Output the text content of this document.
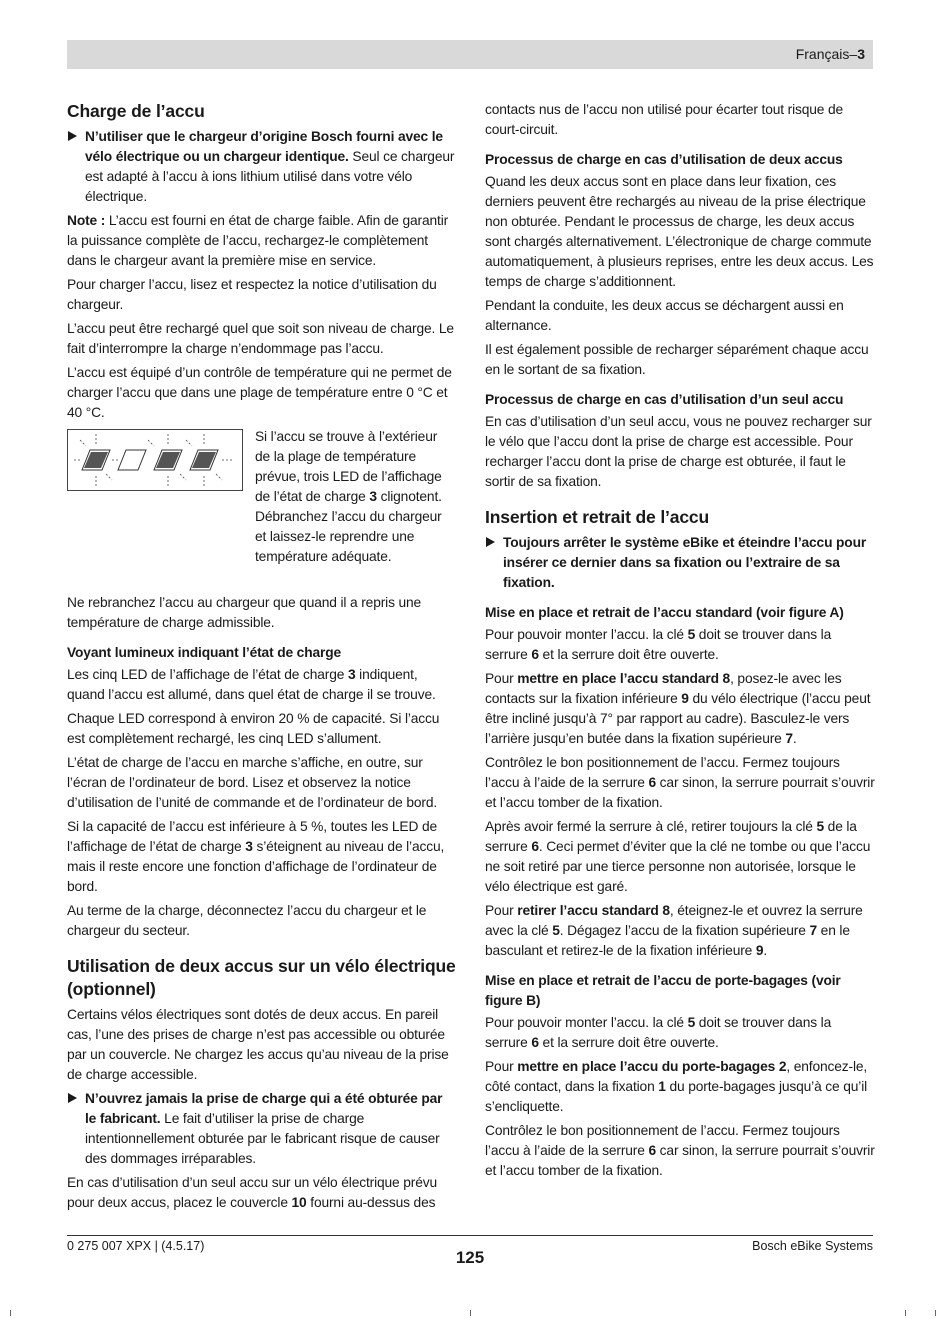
Français–3
Charge de l’accu
N’utiliser que le chargeur d’origine Bosch fourni avec le vélo électrique ou un chargeur identique. Seul ce chargeur est adapté à l’accu à ions lithium utilisé dans votre vélo électrique.

Note : L’accu est fourni en état de charge faible. Afin de garantir la puissance complète de l’accu, rechargez-le complètement dans le chargeur avant la première mise en service.

Pour charger l’accu, lisez et respectez la notice d’utilisation du chargeur.

L’accu peut être rechargé quel que soit son niveau de charge. Le fait d’interrompre la charge n’endommage pas l’accu.

L’accu est équipé d’un contrôle de température qui ne permet de charger l’accu que dans une plage de température entre 0 °C et 40 °C.

Si l’accu se trouve à l’extérieur de la plage de température prévue, trois LED de l’affichage de l’état de charge 3 clignotent. Débranchez l’accu du chargeur et laissez-le reprendre une température adéquate.

Ne rebranchez l’accu au chargeur que quand il a repris une température de charge admissible.

Voyant lumineux indiquant l’état de charge

Les cinq LED de l’affichage de l’état de charge 3 indiquent, quand l’accu est allumé, dans quel état de charge il se trouve.

Chaque LED correspond à environ 20 % de capacité. Si l’accu est complètement rechargé, les cinq LED s’allument.

L’état de charge de l’accu en marche s’affiche, en outre, sur l’écran de l’ordinateur de bord. Lisez et observez la notice d’utilisation de l’unité de commande et de l’ordinateur de bord.

Si la capacité de l’accu est inférieure à 5 %, toutes les LED de l’affichage de l’état de charge 3 s’éteignent au niveau de l’accu, mais il reste encore une fonction d’affichage de l’ordinateur de bord.

Au terme de la charge, déconnectez l’accu du chargeur et le chargeur du secteur.

Utilisation de deux accus sur un vélo électrique (optionnel)

Certains vélos électriques sont dotés de deux accus. En pareil cas, l’une des prises de charge n’est pas accessible ou obturée par un couvercle. Ne chargez les accus qu’au niveau de la prise de charge accessible.

N’ouvrez jamais la prise de charge qui a été obturée par le fabricant. Le fait d’utiliser la prise de charge intentionnellement obturée par le fabricant risque de causer des dommages irréparables.

En cas d’utilisation d’un seul accu sur un vélo électrique prévu pour deux accus, placez le couvercle 10 fourni au-dessus des

contacts nus de l’accu non utilisé pour écarter tout risque de court-circuit.

Processus de charge en cas d’utilisation de deux accus

Quand les deux accus sont en place dans leur fixation, ces derniers peuvent être rechargés au niveau de la prise électrique non obturée. Pendant le processus de charge, les deux accus sont chargés alternativement. L’électronique de charge commute automatiquement, à plusieurs reprises, entre les deux accus. Les temps de charge s’additionnent.

Pendant la conduite, les deux accus se déchargent aussi en alternance.

Il est également possible de recharger séparément chaque accu en le sortant de sa fixation.

Processus de charge en cas d’utilisation d’un seul accu

En cas d’utilisation d’un seul accu, vous ne pouvez recharger sur le vélo que l’accu dont la prise de charge est accessible. Pour recharger l’accu dont la prise de charge est obturée, il faut le sortir de sa fixation.

Insertion et retrait de l’accu
Toujours arrêter le système eBike et éteindre l’accu pour insérer ce dernier dans sa fixation ou l’extraire de sa fixation.
Mise en place et retrait de l’accu standard (voir figure A)

Pour pouvoir monter l’accu. la clé 5 doit se trouver dans la serrure 6 et la serrure doit être ouverte.

Pour mettre en place l’accu standard 8, posez-le avec les contacts sur la fixation inférieure 9 du vélo électrique (l’accu peut être incliné jusqu’à 7° par rapport au cadre). Basculez-le vers l’arrière jusqu’en butée dans la fixation supérieure 7.

Contrôlez le bon positionnement de l’accu. Fermez toujours l’accu à l’aide de la serrure 6 car sinon, la serrure pourrait s’ouvrir et l’accu tomber de la fixation.

Après avoir fermé la serrure à clé, retirer toujours la clé 5 de la serrure 6. Ceci permet d’éviter que la clé ne tombe ou que l’accu ne soit retiré par une tierce personne non autorisée, lorsque le vélo électrique est garé.

Pour retirer l’accu standard 8, éteignez-le et ouvrez la serrure avec la clé 5. Dégagez l’accu de la fixation supérieure 7 en le basculant et retirez-le de la fixation inférieure 9.

Mise en place et retrait de l’accu de porte-bagages (voir figure B)

Pour pouvoir monter l’accu. la clé 5 doit se trouver dans la serrure 6 et la serrure doit être ouverte.

Pour mettre en place l’accu du porte-bagages 2, enfoncez-le, côté contact, dans la fixation 1 du porte-bagages jusqu’à ce qu’il s’encliquette.

Contrôlez le bon positionnement de l’accu. Fermez toujours l’accu à l’aide de la serrure 6 car sinon, la serrure pourrait s’ouvrir et l’accu tomber de la fixation.

0 275 007 XPX | (4.5.17)
125
Bosch eBike Systems
